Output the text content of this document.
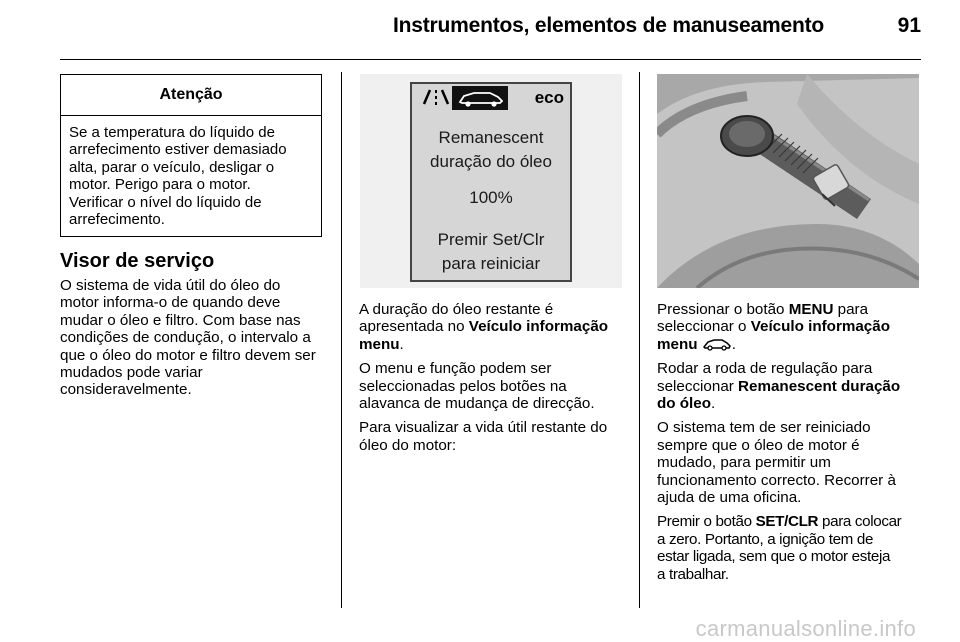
Instrumentos, elementos de manuseamento	91
Atenção
Se a temperatura do líquido de
arrefecimento estiver demasiado
alta, parar o veículo, desligar o
motor. Perigo para o motor.
Verificar o nível do líquido de
arrefecimento.
Visor de serviço
O sistema de vida útil do óleo do
motor informa-o de quando deve
mudar o óleo e filtro. Com base nas
condições de condução, o intervalo a
que o óleo do motor e filtro devem ser
mudados pode variar
consideravelmente.
eco
Remanescent
duração do óleo
100%
Premir Set/Clr
para reiniciar

A duração do óleo restante é
apresentada no Veículo informação
menu.

O menu e função podem ser
seleccionadas pelos botões na
alavanca de mudança de direcção.

Para visualizar a vida útil restante do
óleo do motor:

Pressionar o botão MENU para
seleccionar o Veículo informação
menu .

Rodar a roda de regulação para
seleccionar Remanescent duração
do óleo.

O sistema tem de ser reiniciado
sempre que o óleo de motor é
mudado, para permitir um
funcionamento correcto. Recorrer à
ajuda de uma oficina.

Premir o botão SET/CLR para colocar
a zero. Portanto, a ignição tem de
estar ligada, sem que o motor esteja
a trabalhar.

carmanualsonline.info
